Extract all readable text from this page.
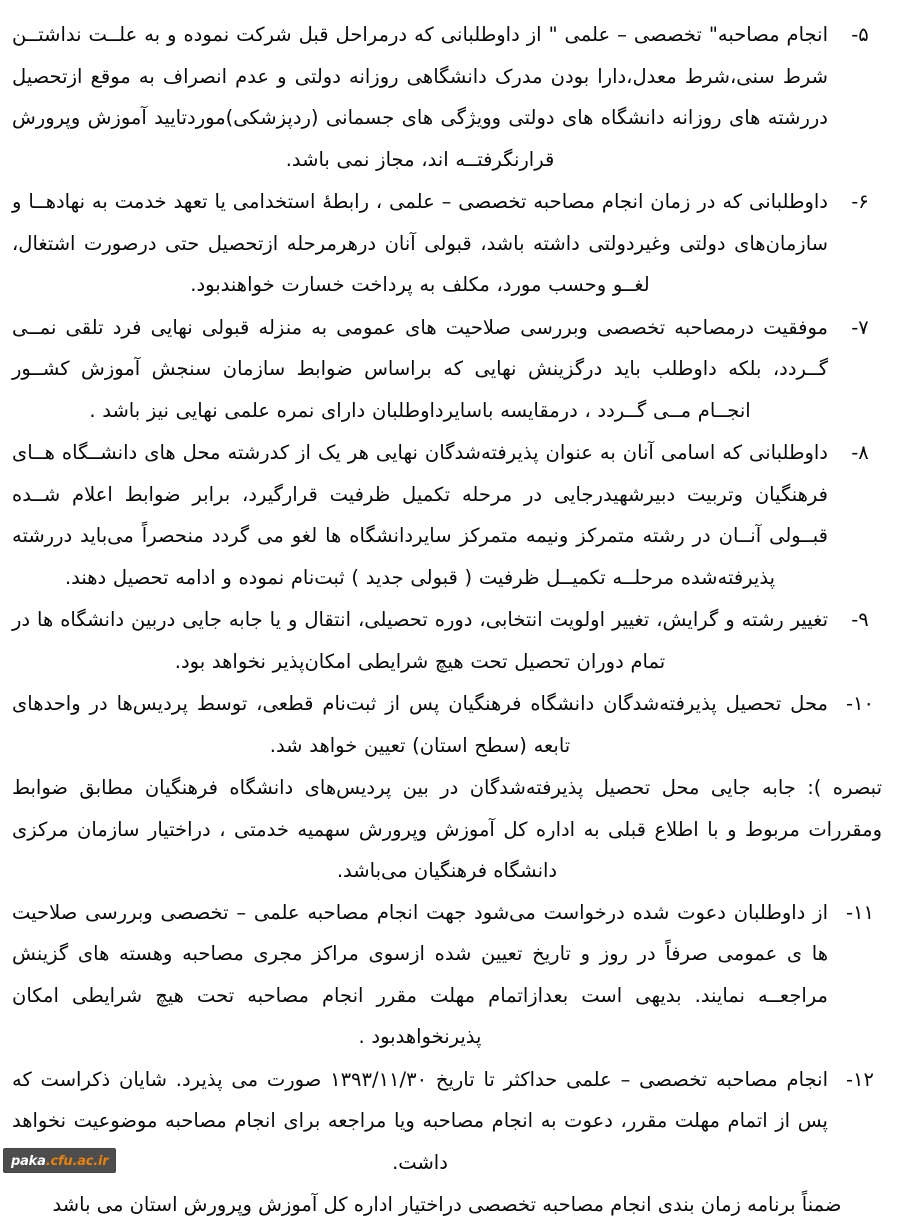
۵-
انجام مصاحبه" تخصصی – علمی " از داوطلبانی که درمراحل قبل شرکت نموده و به علــت نداشتــن شرط سنی،شرط معدل،دارا بودن مدرک دانشگاهی روزانه دولتی و عدم انصراف به موقع ازتحصیل دررشته های روزانه دانشگاه های دولتی وویژگی های جسمانی (ردپزشکی)موردتایید آموزش وپرورش قرارنگرفتــه اند، مجاز نمی باشد.
۶-
داوطلبانی که در زمان انجام مصاحبه تخصصی – علمی ، رابطۀ استخدامی یا تعهد خدمت به نهادهــا و سازمان‌های دولتی وغیردولتی داشته باشد، قبولی آنان درهرمرحله ازتحصیل حتی درصورت اشتغال، لغــو وحسب مورد، مکلف به پرداخت خسارت خواهندبود.
۷-
موفقیت درمصاحبه تخصصی وبررسی صلاحیت های عمومی به منزله قبولی نهایی فرد تلقی نمــی گــردد، بلکه داوطلب باید درگزینش نهایی که براساس ضوابط سازمان سنجش آموزش کشــور انجــام مــی گــردد ، درمقایسه باسایرداوطلبان دارای نمره علمی نهایی نیز باشد .
۸-
داوطلبانی که اسامی آنان به عنوان پذیرفته‌شدگان نهایی هر یک از کدرشته محل های دانشــگاه هــای فرهنگیان وتربیت دبیرشهیدرجایی در مرحله تکمیل ظرفیت قرارگیرد، برابر ضوابط اعلام شــده قبــولی آنــان در رشته متمرکز ونیمه متمرکز سایردانشگاه ها لغو می گردد منحصراً می‌باید دررشته پذیرفته‌شده مرحلــه تکمیــل ظرفیت ( قبولی جدید ) ثبت‌نام نموده و ادامه تحصیل دهند.
۹-
تغییر رشته و گرایش، تغییر اولویت انتخابی، دوره تحصیلی، انتقال و یا جابه جایی دربین دانشگاه ها در تمام دوران تحصیل تحت هیچ شرایطی امکان‌پذیر نخواهد بود.
۱۰-
محل تحصیل پذیرفته‌شدگان دانشگاه فرهنگیان پس از ثبت‌نام قطعی، توسط پردیس‌ها در واحدهای تابعه (سطح استان) تعیین خواهد شد.
تبصره ): جابه جایی محل تحصیل پذیرفته‌شدگان در بین پردیس‌های دانشگاه فرهنگیان مطابق ضوابط ومقررات مربوط و با اطلاع قبلی به اداره کل آموزش وپرورش سهمیه خدمتی ، دراختیار سازمان مرکزی دانشگاه فرهنگیان می‌باشد.
۱۱-
از داوطلبان دعوت شده درخواست می‌شود جهت انجام مصاحبه علمی – تخصصی وبررسی صلاحیت ها ی عمومی صرفاً در روز و تاریخ تعیین شده ازسوی مراکز مجری مصاحبه وهسته های گزینش مراجعــه نمایند. بدیهی است بعدازاتمام مهلت مقرر انجام مصاحبه تحت هیچ شرایطی امکان پذیرنخواهدبود .
۱۲-
انجام مصاحبه تخصصی – علمی حداکثر تا تاریخ ۱۳۹۳/۱۱/۳۰ صورت می پذیرد. شایان ذکراست که پس از اتمام مهلت مقرر، دعوت به انجام مصاحبه ویا مراجعه برای انجام مصاحبه موضوعیت نخواهد داشت.
ضمناً برنامه زمان بندی انجام مصاحبه تخصصی دراختیار اداره کل آموزش وپرورش استان می باشد
paka.cfu.ac.ir
